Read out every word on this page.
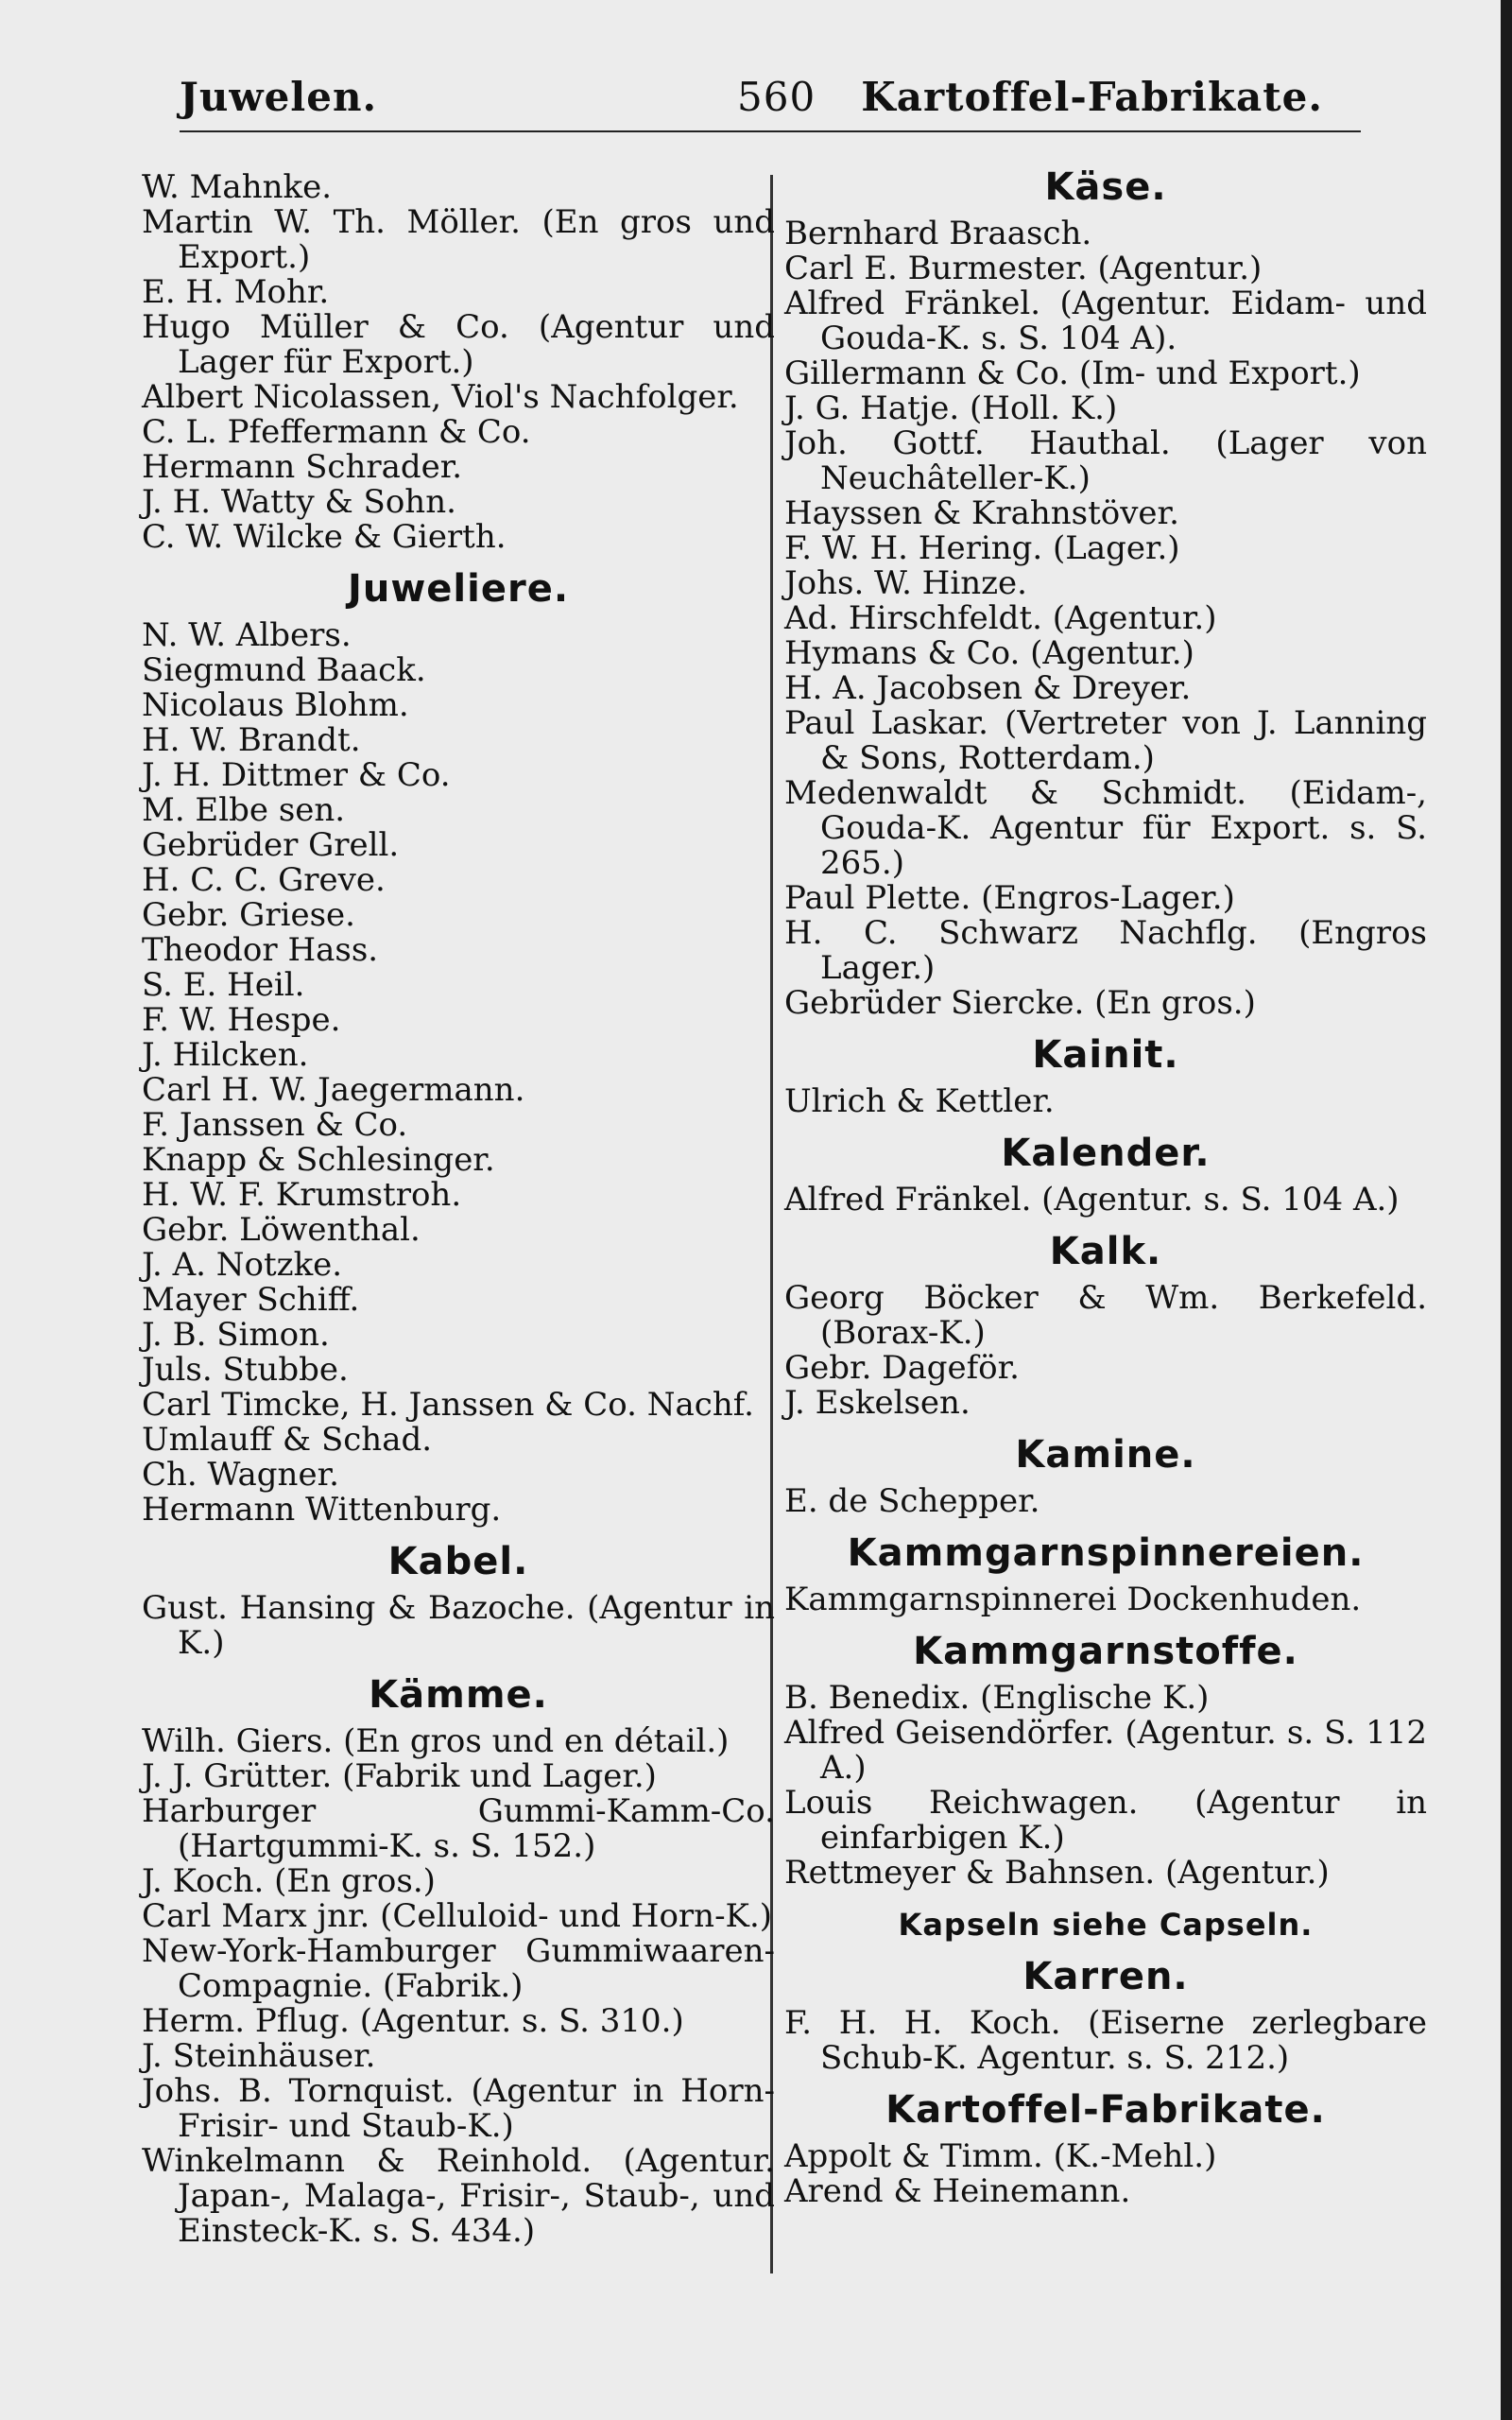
Juwelen.	560 Kartoffel-Fabrikate.
W. Mahnke.
Martin W. Th. Möller. (En gros und Export.)
E. H. Mohr.
Hugo Müller & Co. (Agentur und Lager für Export.)
Albert Nicolassen, Viol's Nachfolger.
C. L. Pfeffermann & Co.
Hermann Schrader.
J. H. Watty & Sohn.
C. W. Wilcke & Gierth.
Juweliere.
N. W. Albers.
Siegmund Baack.
Nicolaus Blohm.
H. W. Brandt.
J. H. Dittmer & Co.
M. Elbe sen.
Gebrüder Grell.
H. C. C. Greve.
Gebr. Griese.
Theodor Hass.
S. E. Heil.
F. W. Hespe.
J. Hilcken.
Carl H. W. Jaegermann.
F. Janssen & Co.
Knapp & Schlesinger.
H. W. F. Krumstroh.
Gebr. Löwenthal.
J. A. Notzke.
Mayer Schiff.
J. B. Simon.
Juls. Stubbe.
Carl Timcke, H. Janssen & Co. Nachf.
Umlauff & Schad.
Ch. Wagner.
Hermann Wittenburg.
Kabel.
Gust. Hansing & Bazoche. (Agentur in K.)
Kämme.
Wilh. Giers. (En gros und en détail.)
J. J. Grütter. (Fabrik und Lager.)
Harburger Gummi-Kamm-Co. (Hartgummi-K. s. S. 152.)
J. Koch. (En gros.)
Carl Marx jnr. (Celluloid- und Horn-K.)
New-York-Hamburger Gummiwaaren-Compagnie. (Fabrik.)
Herm. Pflug. (Agentur. s. S. 310.)
J. Steinhäuser.
Johs. B. Tornquist. (Agentur in Horn-Frisir- und Staub-K.)
Winkelmann & Reinhold. (Agentur. Japan-, Malaga-, Frisir-, Staub-, und Einsteck-K. s. S. 434.)
Käse.
Bernhard Braasch.
Carl E. Burmester. (Agentur.)
Alfred Fränkel. (Agentur. Eidam- und Gouda-K. s. S. 104 A).
Gillermann & Co. (Im- und Export.)
J. G. Hatje. (Holl. K.)
Joh. Gottf. Hauthal. (Lager von Neuchâteller-K.)
Hayssen & Krahnstöver.
F. W. H. Hering. (Lager.)
Johs. W. Hinze.
Ad. Hirschfeldt. (Agentur.)
Hymans & Co. (Agentur.)
H. A. Jacobsen & Dreyer.
Paul Laskar. (Vertreter von J. Lanning & Sons, Rotterdam.)
Medenwaldt & Schmidt. (Eidam-, Gouda-K. Agentur für Export. s. S. 265.)
Paul Plette. (Engros-Lager.)
H. C. Schwarz Nachflg. (Engros Lager.)
Gebrüder Siercke. (En gros.)
Kainit.
Ulrich & Kettler.
Kalender.
Alfred Fränkel. (Agentur. s. S. 104 A.)
Kalk.
Georg Böcker & Wm. Berkefeld. (Borax-K.)
Gebr. Dageför.
J. Eskelsen.
Kamine.
E. de Schepper.
Kammgarnspinnereien.
Kammgarnspinnerei Dockenhuden.
Kammgarnstoffe.
B. Benedix. (Englische K.)
Alfred Geisendörfer. (Agentur. s. S. 112 A.)
Louis Reichwagen. (Agentur in einfarbigen K.)
Rettmeyer & Bahnsen. (Agentur.)
Kapseln siehe Capseln.
Karren.
F. H. H. Koch. (Eiserne zerlegbare Schub-K. Agentur. s. S. 212.)
Kartoffel-Fabrikate.
Appolt & Timm. (K.-Mehl.)
Arend & Heinemann.
